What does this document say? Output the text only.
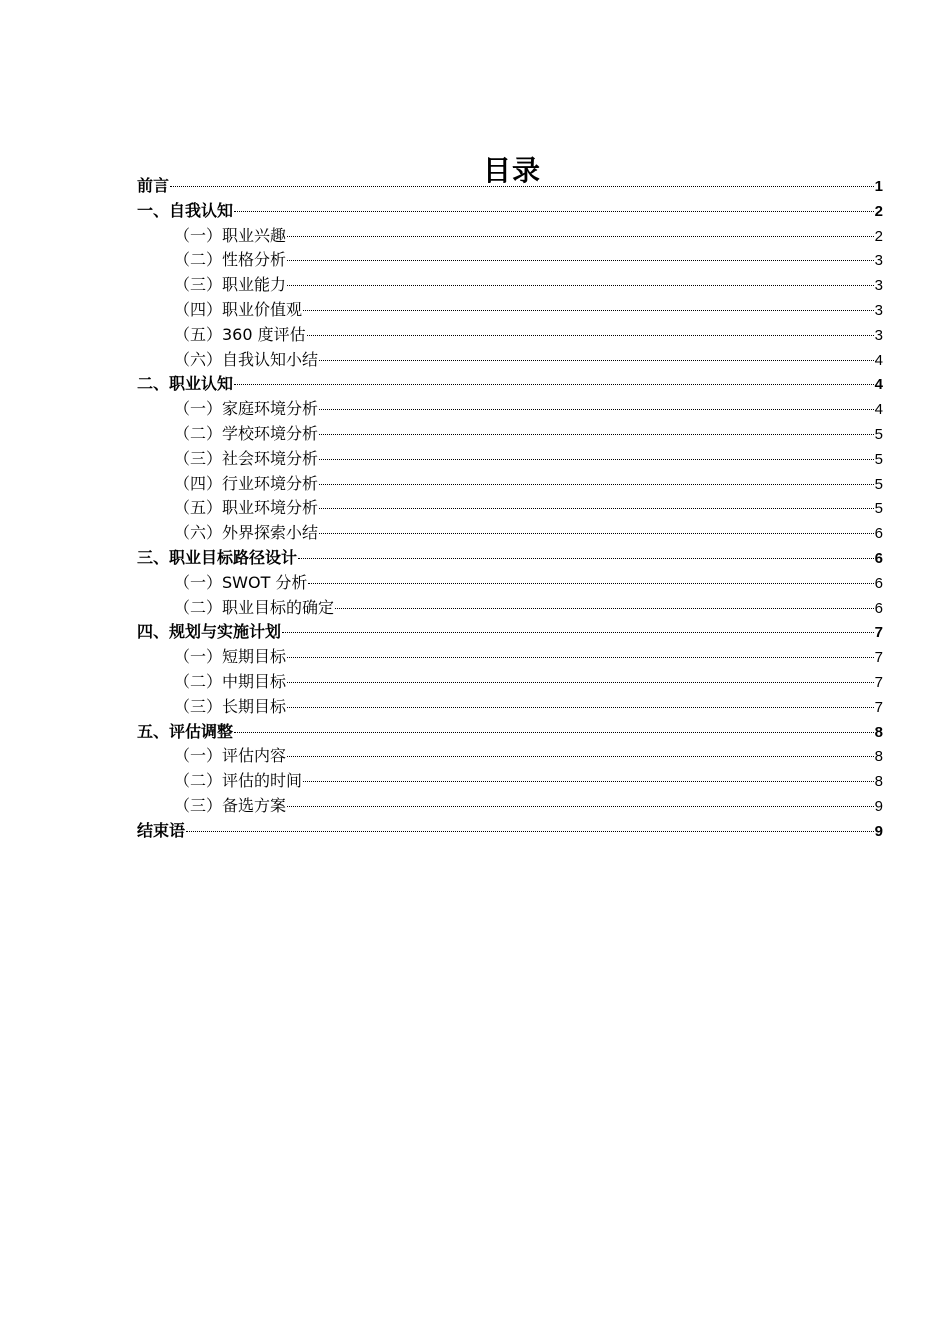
目录
前言	1
一、自我认知	2
（一）职业兴趣	2
（二）性格分析	3
（三）职业能力	3
（四）职业价值观	3
（五）360 度评估	3
（六）自我认知小结	4
二、职业认知	4
（一）家庭环境分析	4
（二）学校环境分析	5
（三）社会环境分析	5
（四）行业环境分析	5
（五）职业环境分析	5
（六）外界探索小结	6
三、职业目标路径设计	6
（一）SWOT 分析	6
（二）职业目标的确定	6
四、规划与实施计划	7
（一）短期目标	7
（二）中期目标	7
（三）长期目标	7
五、评估调整	8
（一）评估内容	8
（二）评估的时间	8
（三）备选方案	9
结束语	9
